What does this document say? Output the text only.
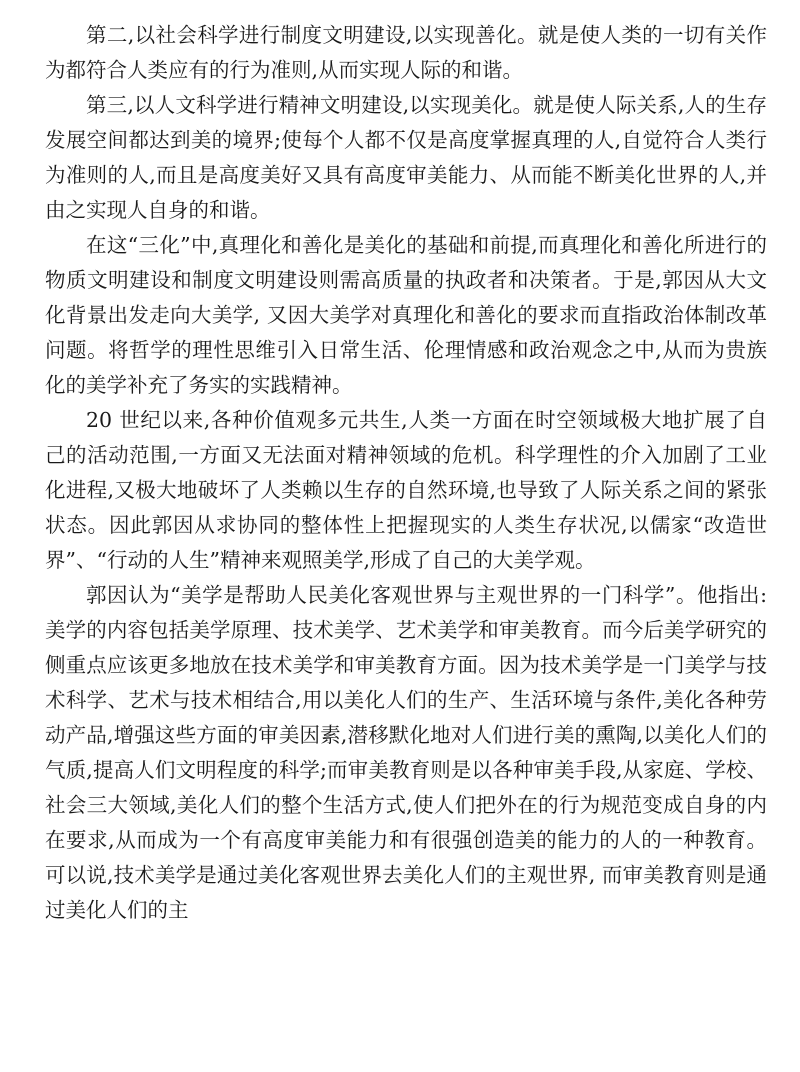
第二,以社会科学进行制度文明建设,以实现善化。就是使人类的一切有关作为都符合人类应有的行为准则,从而实现人际的和谐。

第三,以人文科学进行精神文明建设,以实现美化。就是使人际关系,人的生存发展空间都达到美的境界;使每个人都不仅是高度掌握真理的人,自觉符合人类行为准则的人,而且是高度美好又具有高度审美能力、从而能不断美化世界的人,并由之实现人自身的和谐。

在这“三化”中,真理化和善化是美化的基础和前提,而真理化和善化所进行的物质文明建设和制度文明建设则需高质量的执政者和决策者。于是,郭因从大文化背景出发走向大美学, 又因大美学对真理化和善化的要求而直指政治体制改革问题。将哲学的理性思维引入日常生活、伦理情感和政治观念之中,从而为贵族化的美学补充了务实的实践精神。

20 世纪以来,各种价值观多元共生,人类一方面在时空领域极大地扩展了自己的活动范围,一方面又无法面对精神领域的危机。科学理性的介入加剧了工业化进程,又极大地破坏了人类赖以生存的自然环境,也导致了人际关系之间的紧张状态。因此郭因从求协同的整体性上把握现实的人类生存状况,以儒家“改造世界”、“行动的人生”精神来观照美学,形成了自己的大美学观。

郭因认为“美学是帮助人民美化客观世界与主观世界的一门科学”。他指出:美学的内容包括美学原理、技术美学、艺术美学和审美教育。而今后美学研究的侧重点应该更多地放在技术美学和审美教育方面。因为技术美学是一门美学与技术科学、艺术与技术相结合,用以美化人们的生产、生活环境与条件,美化各种劳动产品,增强这些方面的审美因素,潜移默化地对人们进行美的熏陶,以美化人们的气质,提高人们文明程度的科学;而审美教育则是以各种审美手段,从家庭、学校、社会三大领域,美化人们的整个生活方式,使人们把外在的行为规范变成自身的内在要求,从而成为一个有高度审美能力和有很强创造美的能力的人的一种教育。可以说,技术美学是通过美化客观世界去美化人们的主观世界, 而审美教育则是通过美化人们的主
